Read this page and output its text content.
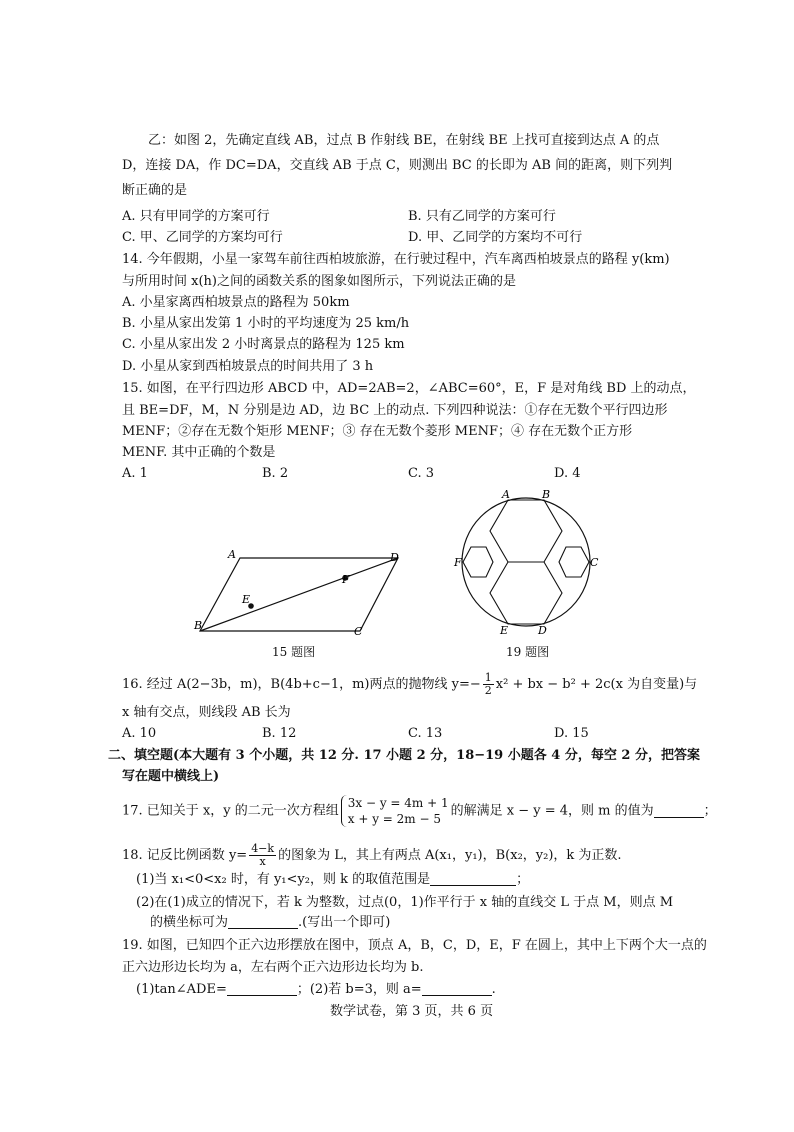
乙：如图 2，先确定直线 AB，过点 B 作射线 BE，在射线 BE 上找可直接到达点 A 的点
D，连接 DA，作 DC=DA，交直线 AB 于点 C，则测出 BC 的长即为 AB 间的距离，则下列判
断正确的是
A. 只有甲同学的方案可行	B. 只有乙同学的方案可行
C. 甲、乙同学的方案均可行	D. 甲、乙同学的方案均不可行
14. 今年假期，小星一家驾车前往西柏坡旅游，在行驶过程中，汽车离西柏坡景点的路程 y(km)
与所用时间 x(h)之间的函数关系的图象如图所示，下列说法正确的是
A. 小星家离西柏坡景点的路程为 50km
B. 小星从家出发第 1 小时的平均速度为 25 km/h
C. 小星从家出发 2 小时离景点的路程为 125 km
D. 小星从家到西柏坡景点的时间共用了 3 h
15. 如图，在平行四边形 ABCD 中，AD=2AB=2，∠ABC=60°，E，F 是对角线 BD 上的动点，
且 BE=DF，M，N 分别是边 AD，边 BC 上的动点. 下列四种说法：①存在无数个平行四边形
MENF；②存在无数个矩形 MENF；③ 存在无数个菱形 MENF；④ 存在无数个正方形
MENF. 其中正确的个数是
A. 1	B. 2	C. 3	D. 4
A	D
B	C
E
F
15 题图
A	B
C
F
E	D
19 题图
16. 经过 A(2−3b，m)，B(4b+c−1，m)两点的抛物线 $y=- \frac{1}{2} x^2$ + bx − b² + 2c(x 为自变量)与
x 轴有交点，则线段 AB 长为
A. 10	B. 12	C. 13	D. 15
二、填空题(本大题有 3 个小题，共 12 分. 17 小题 2 分，18−19 小题各 4 分，每空 2 分，把答案
写在题中横线上)
17. 已知关于 x，y 的二元一次方程组
3x − y = 4m + 1
x + y = 2m − 5
的解满足 x − y = 4，则 m 的值为	；
18. 记反比例函数 $y= \frac{4-k}{x}$ 的图象为 L，其上有两点 A(x₁，y₁)，B(x₂，y₂)，k 为正数.
(1)当 x₁<0<x₂ 时，有 y₁<y₂，则 k 的取值范围是	；
(2)在(1)成立的情况下，若 k 为整数，过点(0，1)作平行于 x 轴的直线交 L 于点 M，则点 M
的横坐标可为	.(写出一个即可)
19. 如图，已知四个正六边形摆放在图中，顶点 A，B，C，D，E，F 在圆上，其中上下两个大一点的
正六边形边长均为 a，左右两个正六边形边长均为 b.
(1)tan∠ADE=	；(2)若 b=3，则 a=	.
数学试卷，第 3 页，共 6 页
